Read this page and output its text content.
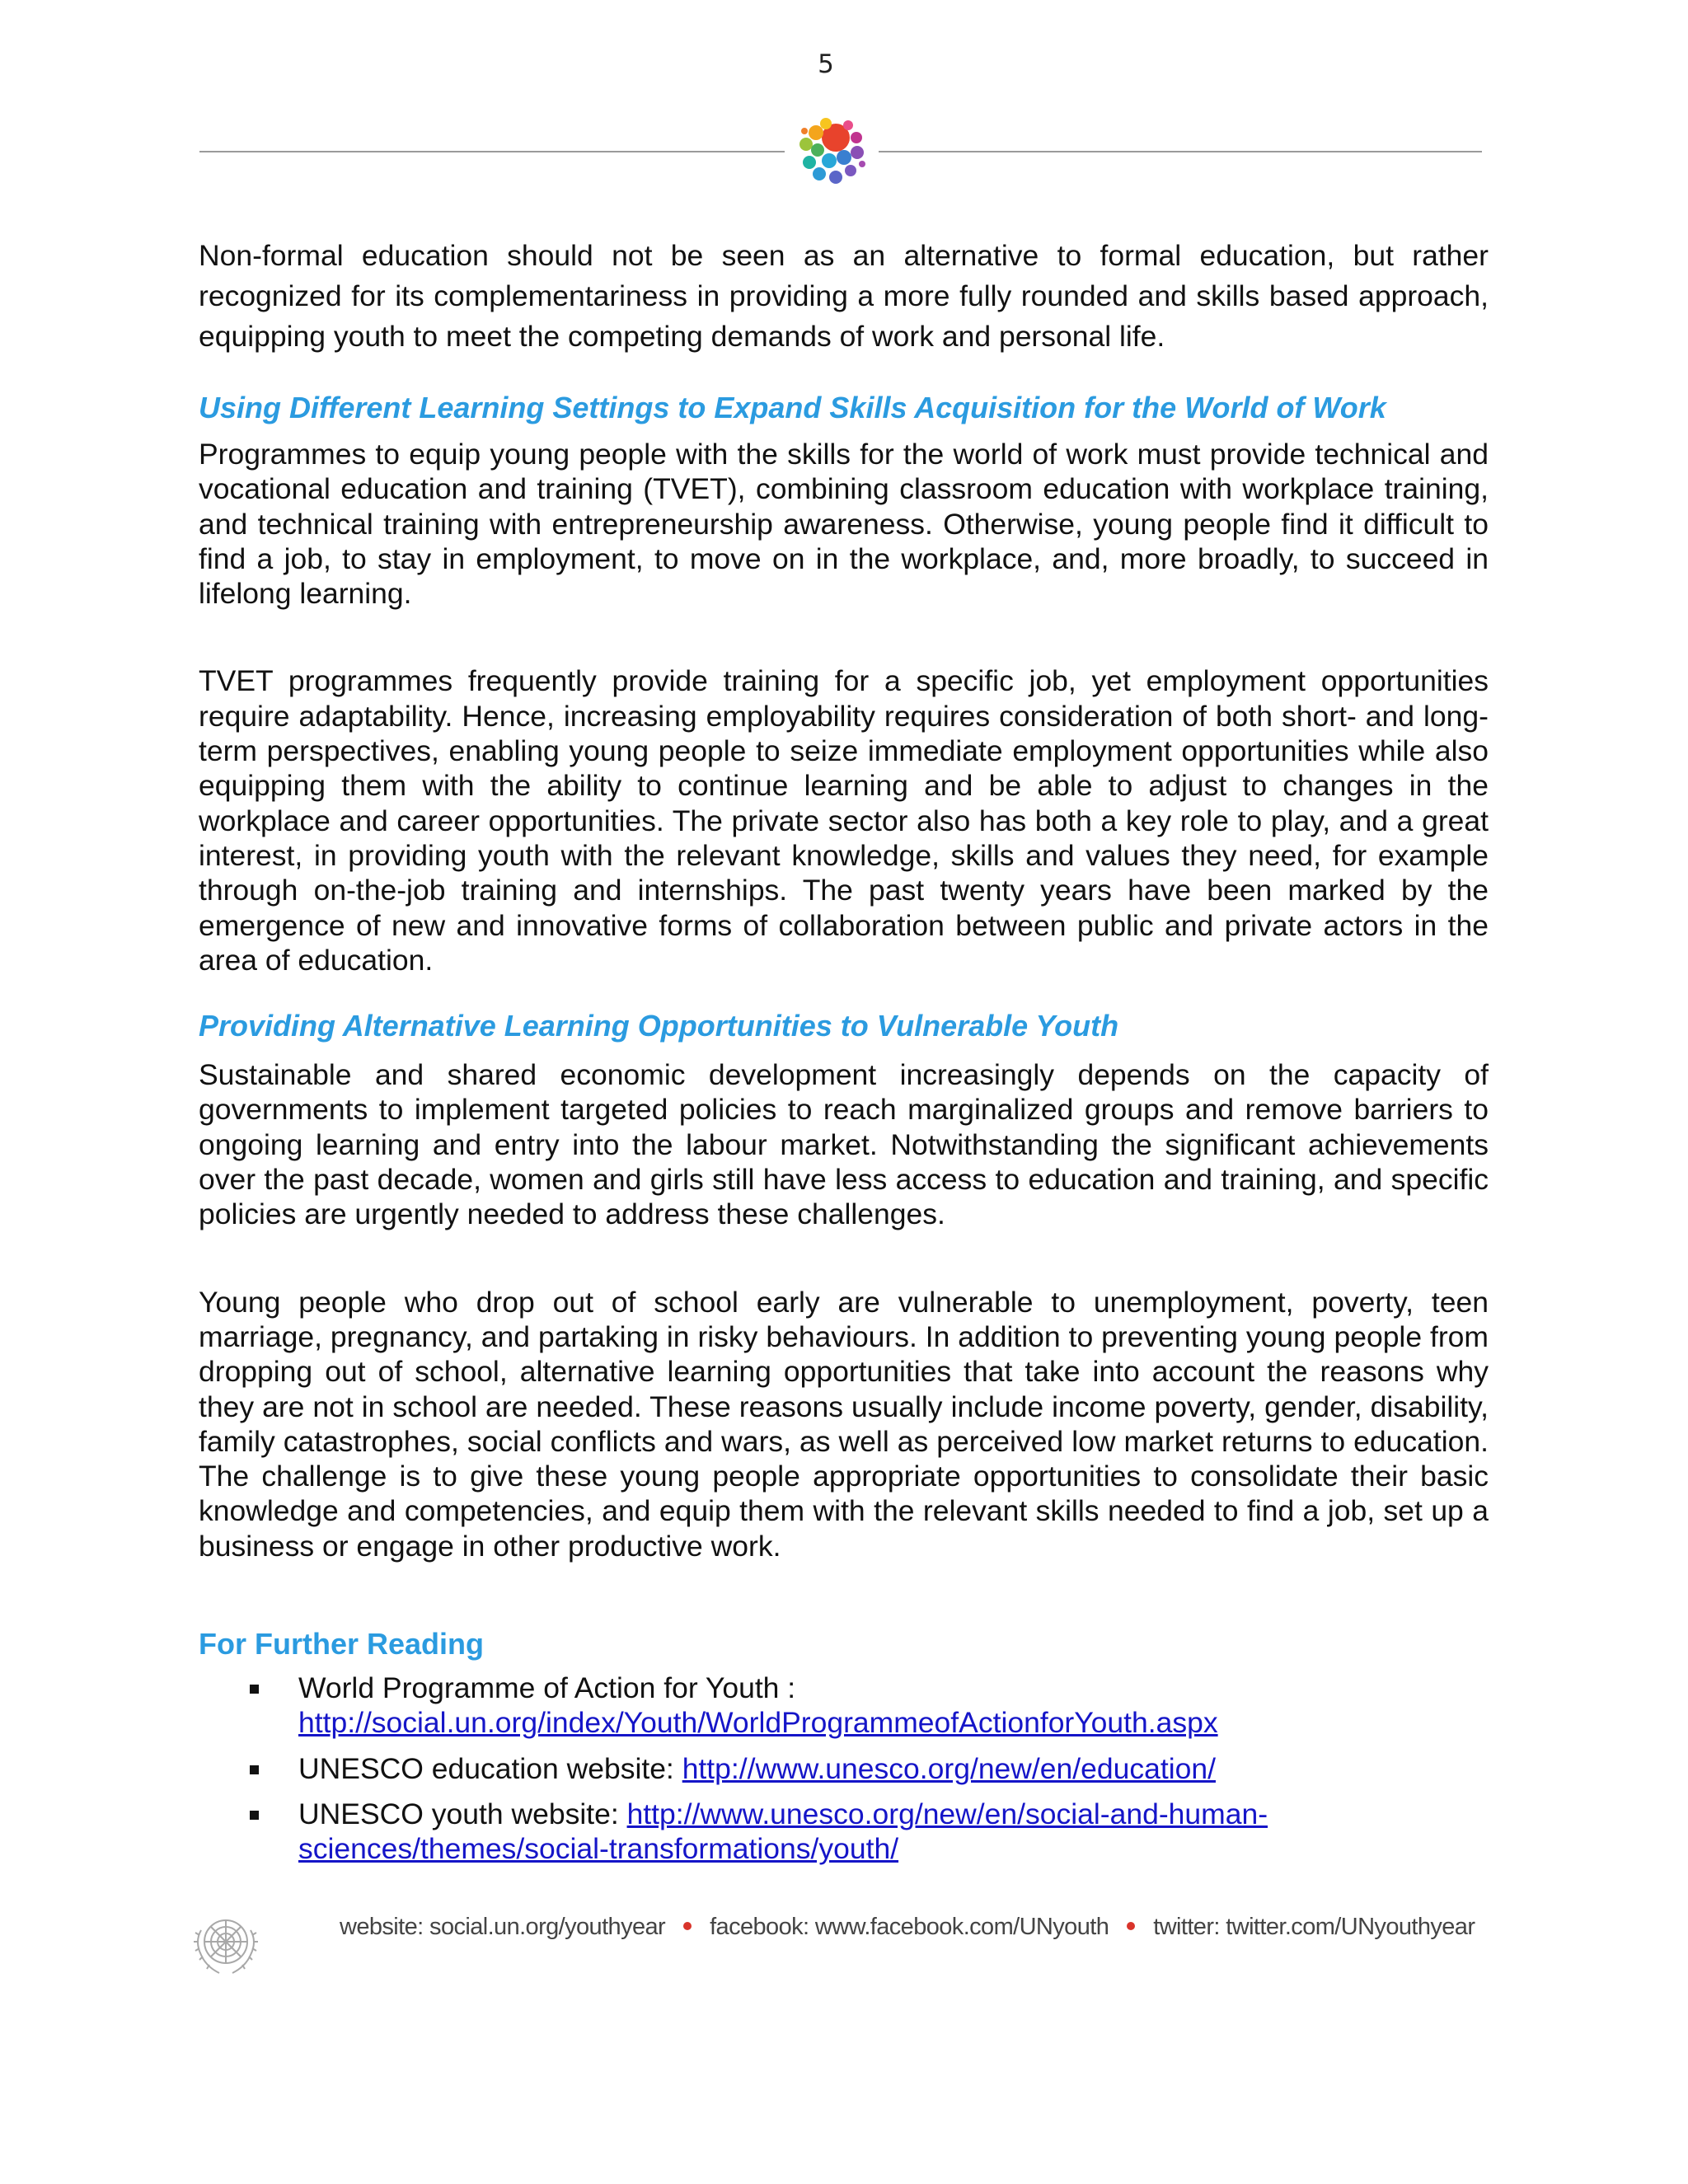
5

Non-formal education should not be seen as an alternative to formal education, but rather recognized for its complementariness in providing a more fully rounded and skills based approach, equipping youth to meet the competing demands of work and personal life.

Using Different Learning Settings to Expand Skills Acquisition for the World of Work

Programmes to equip young people with the skills for the world of work must provide technical and vocational education and training (TVET), combining classroom education with workplace training, and technical training with entrepreneurship awareness. Otherwise, young people find it difficult to find a job, to stay in employment, to move on in the workplace, and, more broadly, to succeed in lifelong learning.

TVET programmes frequently provide training for a specific job, yet employment opportunities require adaptability. Hence, increasing employability requires consideration of both short- and long-term perspectives, enabling young people to seize immediate employment opportunities while also equipping them with the ability to continue learning and be able to adjust to changes in the workplace and career opportunities. The private sector also has both a key role to play, and a great interest, in providing youth with the relevant knowledge, skills and values they need, for example through on-the-job training and internships. The past twenty years have been marked by the emergence of new and innovative forms of collaboration between public and private actors in the area of education.

Providing Alternative Learning Opportunities to Vulnerable Youth

Sustainable and shared economic development increasingly depends on the capacity of governments to implement targeted policies to reach marginalized groups and remove barriers to ongoing learning and entry into the labour market. Notwithstanding the significant achievements over the past decade, women and girls still have less access to education and training, and specific policies are urgently needed to address these challenges.

Young people who drop out of school early are vulnerable to unemployment, poverty, teen marriage, pregnancy, and partaking in risky behaviours. In addition to preventing young people from dropping out of school, alternative learning opportunities that take into account the reasons why they are not in school are needed. These reasons usually include income poverty, gender, disability, family catastrophes, social conflicts and wars, as well as perceived low market returns to education. The challenge is to give these young people appropriate opportunities to consolidate their basic knowledge and competencies, and equip them with the relevant skills needed to find a job, set up a business or engage in other productive work.

For Further Reading
World Programme of Action for Youth :
http://social.un.org/index/Youth/WorldProgrammeofActionforYouth.aspx
UNESCO education website: http://www.unesco.org/new/en/education/
UNESCO youth website: http://www.unesco.org/new/en/social-and-human-
sciences/themes/social-transformations/youth/
website: social.un.org/youthyear facebook: www.facebook.com/UNyouth twitter: twitter.com/UNyouthyear
